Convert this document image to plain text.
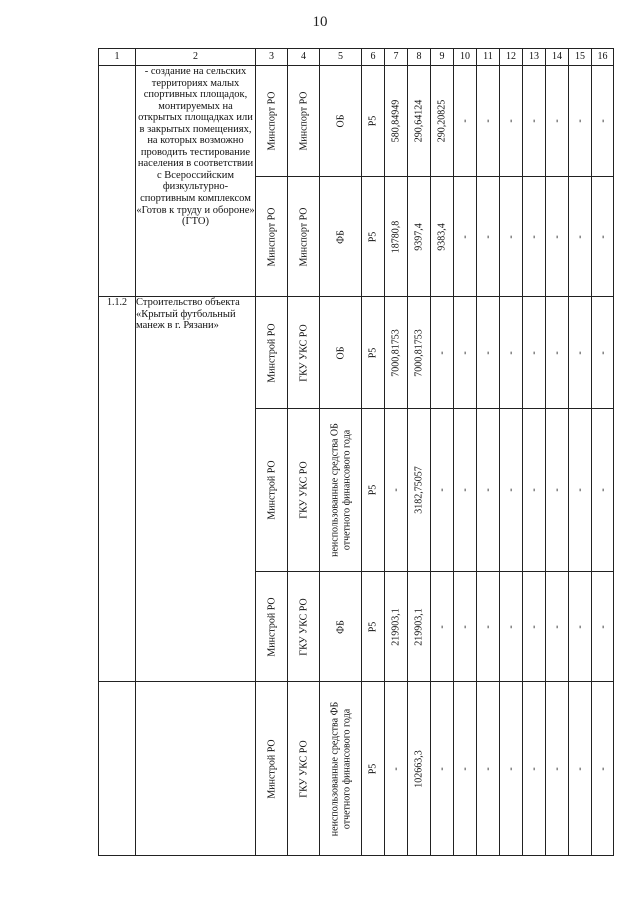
10
1	2	3	4	5	6	7	8	9	10	11	12	13	14	15	16
	- создание на сельских территориях малых спортивных площадок, монтируемых на открытых площадках или в закрытых помещениях, на которых возможно проводить тестирование населения в соответствии с Всероссийским физкультурно-спортивным комплексом «Готов к труду и обороне» (ГТО)	Минспорт РО	Минспорт РО	ОБ	Р5	580,84949	290,64124	290,20825	-	-	-	-	-	-	-

		Минспорт РО	Минспорт РО	ФБ	Р5	18780,8	9397,4	9383,4	-	-	-	-	-	-	-

1.1.2	Строительство объекта «Крытый футбольный манеж в г. Рязани»	Минстрой РО	ГКУ УКС РО	ОБ	Р5	7000,81753	7000,81753	-	-	-	-	-	-	-	-

		Минстрой РО	ГКУ УКС РО	неиспользованные средства ОБ
отчетного финансового года	Р5	-	3182,75057	-	-	-	-	-	-	-	-

		Минстрой РО	ГКУ УКС РО	ФБ	Р5	219903,1	219903,1	-	-	-	-	-	-	-	-

		Минстрой РО	ГКУ УКС РО	неиспользованные средства ФБ
отчетного финансового года	Р5	-	102663,3	-	-	-	-	-	-	-	-
